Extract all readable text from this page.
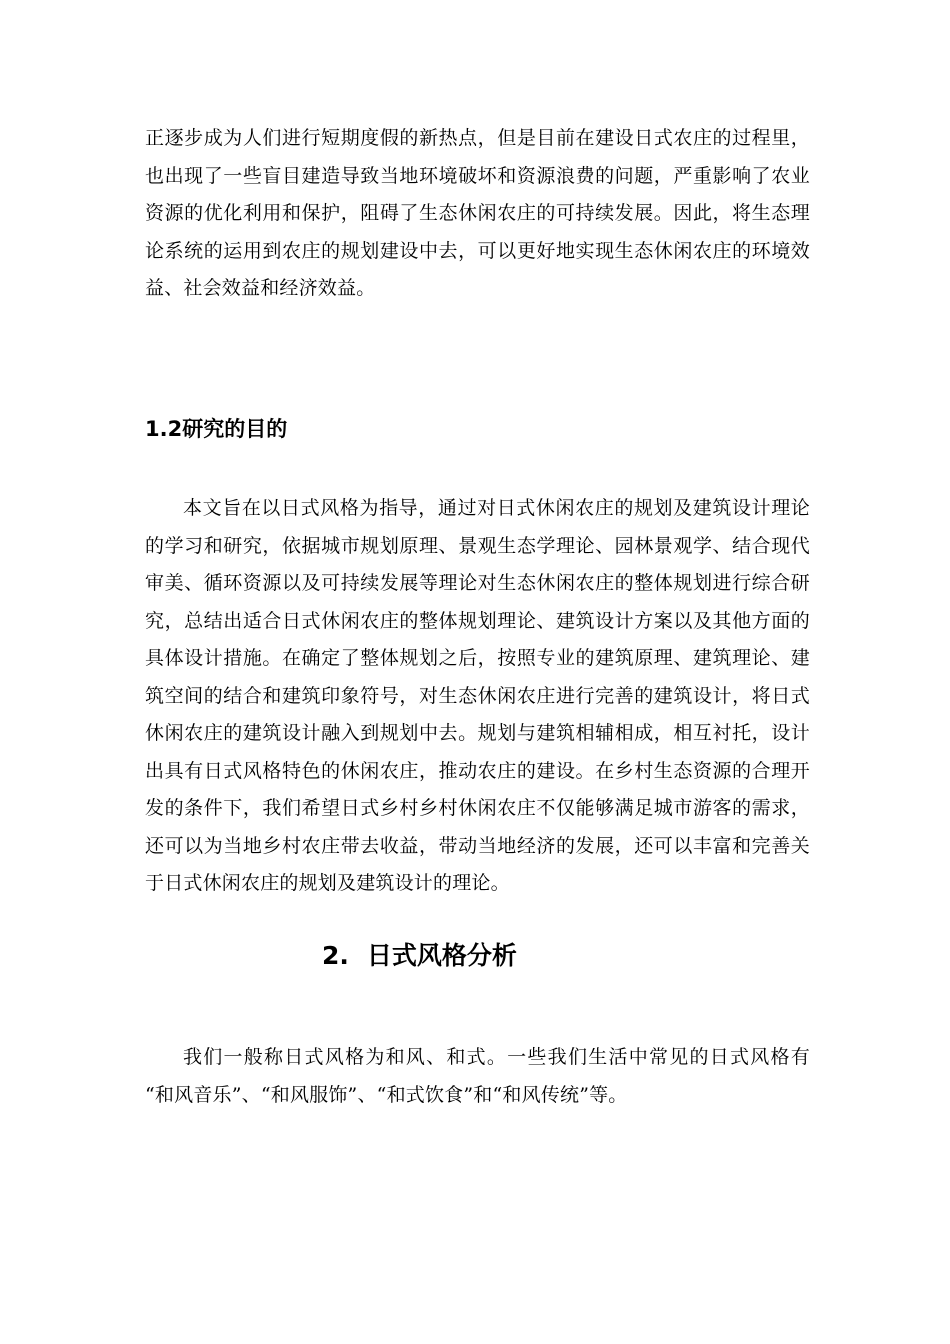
正逐步成为人们进行短期度假的新热点，但是目前在建设日式农庄的过程里，
也出现了一些盲目建造导致当地环境破坏和资源浪费的问题，严重影响了农业
资源的优化利用和保护，阻碍了生态休闲农庄的可持续发展。因此，将生态理
论系统的运用到农庄的规划建设中去，可以更好地实现生态休闲农庄的环境效
益、社会效益和经济效益。
1.2研究的目的
本文旨在以日式风格为指导，通过对日式休闲农庄的规划及建筑设计理论
的学习和研究，依据城市规划原理、景观生态学理论、园林景观学、结合现代
审美、循环资源以及可持续发展等理论对生态休闲农庄的整体规划进行综合研
究，总结出适合日式休闲农庄的整体规划理论、建筑设计方案以及其他方面的
具体设计措施。在确定了整体规划之后，按照专业的建筑原理、建筑理论、建
筑空间的结合和建筑印象符号，对生态休闲农庄进行完善的建筑设计，将日式
休闲农庄的建筑设计融入到规划中去。规划与建筑相辅相成，相互衬托，设计
出具有日式风格特色的休闲农庄，推动农庄的建设。在乡村生态资源的合理开
发的条件下，我们希望日式乡村乡村休闲农庄不仅能够满足城市游客的需求，
还可以为当地乡村农庄带去收益，带动当地经济的发展，还可以丰富和完善关
于日式休闲农庄的规划及建筑设计的理论。
2. 日式风格分析
我们一般称日式风格为和风、和式。一些我们生活中常见的日式风格有
“和风音乐”、“和风服饰”、“和式饮食”和“和风传统”等。
